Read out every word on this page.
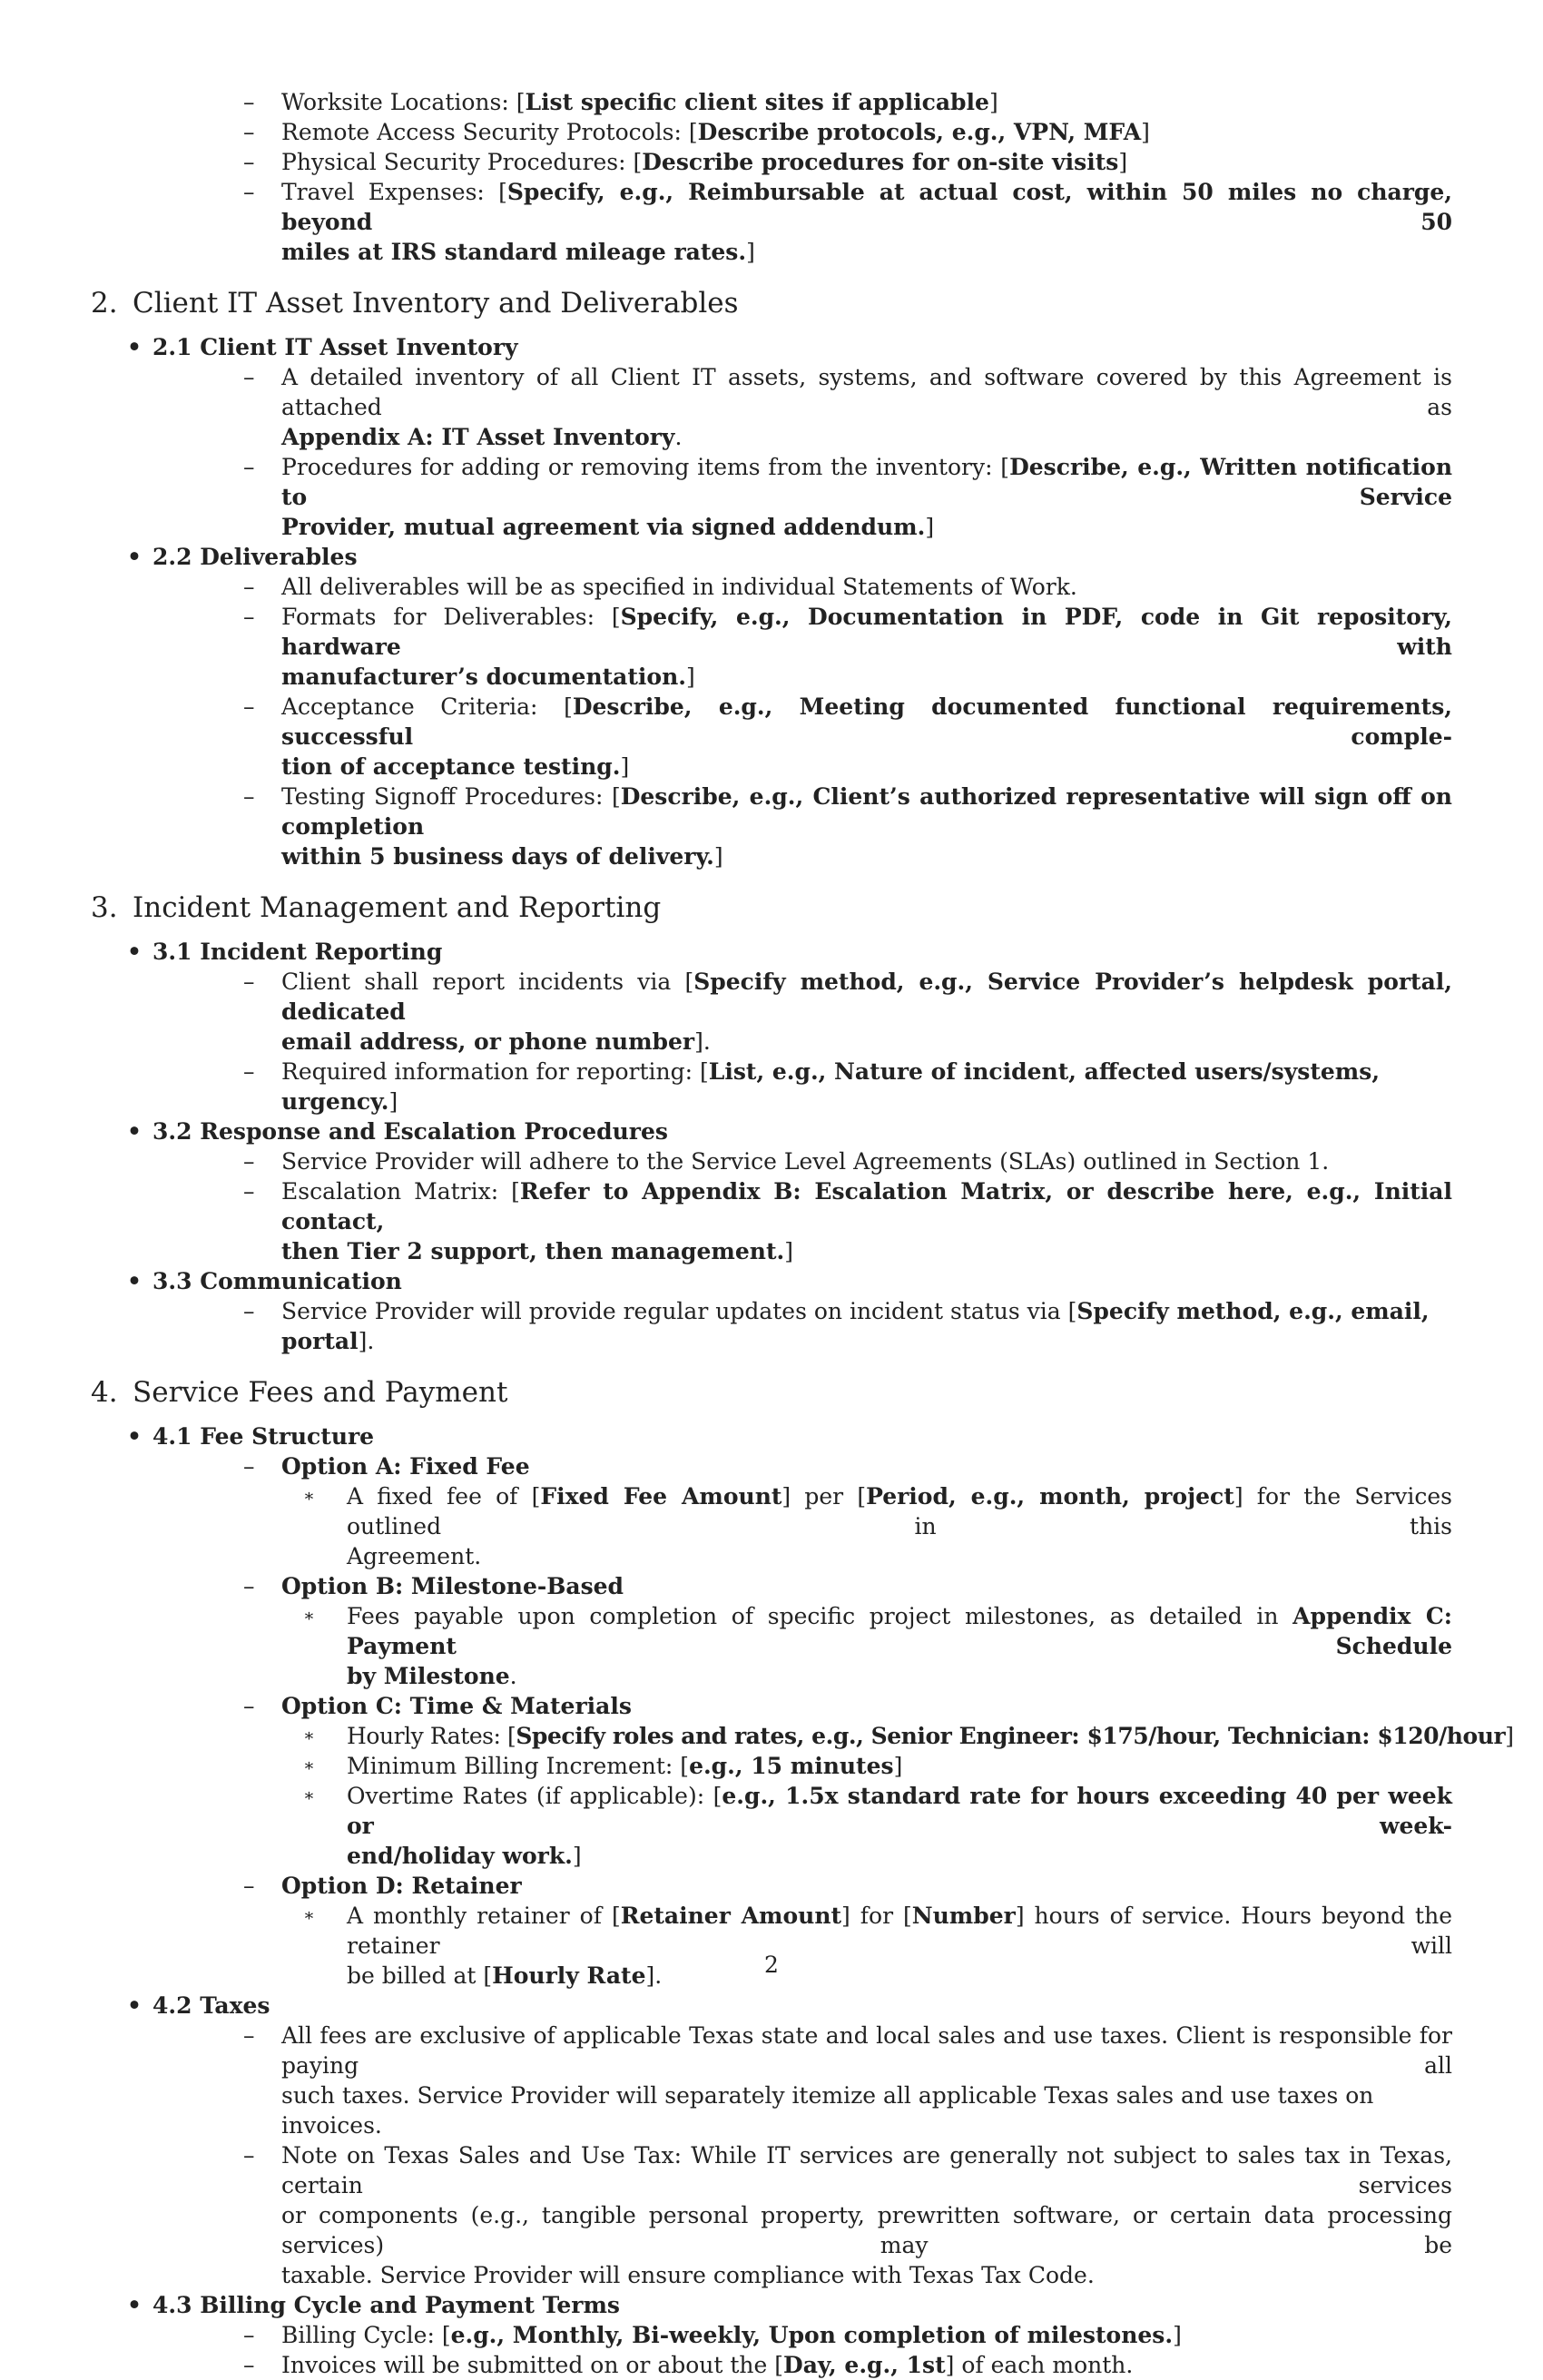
– Worksite Locations: [List specific client sites if applicable]
– Remote Access Security Protocols: [Describe protocols, e.g., VPN, MFA]
– Physical Security Procedures: [Describe procedures for on-site visits]
– Travel Expenses: [Specify, e.g., Reimbursable at actual cost, within 50 miles no charge, beyond 50
miles at IRS standard mileage rates.]
2. Client IT Asset Inventory and Deliverables
• 2.1 Client IT Asset Inventory
– A detailed inventory of all Client IT assets, systems, and software covered by this Agreement is attached as
Appendix A: IT Asset Inventory.
– Procedures for adding or removing items from the inventory: [Describe, e.g., Written notification to Service
Provider, mutual agreement via signed addendum.]
• 2.2 Deliverables
– All deliverables will be as specified in individual Statements of Work.
– Formats for Deliverables: [Specify, e.g., Documentation in PDF, code in Git repository, hardware with
manufacturer’s documentation.]
– Acceptance Criteria: [Describe, e.g., Meeting documented functional requirements, successful comple-
tion of acceptance testing.]
– Testing Signoff Procedures: [Describe, e.g., Client’s authorized representative will sign off on completion
within 5 business days of delivery.]
3. Incident Management and Reporting
• 3.1 Incident Reporting
– Client shall report incidents via [Specify method, e.g., Service Provider’s helpdesk portal, dedicated
email address, or phone number].
– Required information for reporting: [List, e.g., Nature of incident, affected users/systems, urgency.]
• 3.2 Response and Escalation Procedures
– Service Provider will adhere to the Service Level Agreements (SLAs) outlined in Section 1.
– Escalation Matrix: [Refer to Appendix B: Escalation Matrix, or describe here, e.g., Initial contact,
then Tier 2 support, then management.]
• 3.3 Communication
– Service Provider will provide regular updates on incident status via [Specify method, e.g., email, portal].
4. Service Fees and Payment
• 4.1 Fee Structure
– Option A: Fixed Fee
∗ A fixed fee of [Fixed Fee Amount] per [Period, e.g., month, project] for the Services outlined in this
Agreement.
– Option B: Milestone-Based
∗ Fees payable upon completion of specific project milestones, as detailed in Appendix C: Payment Schedule
by Milestone.
– Option C: Time & Materials
∗ Hourly Rates: [Specify roles and rates, e.g., Senior Engineer: $175/hour, Technician: $120/hour]
∗ Minimum Billing Increment: [e.g., 15 minutes]
∗ Overtime Rates (if applicable): [e.g., 1.5x standard rate for hours exceeding 40 per week or week-
end/holiday work.]
– Option D: Retainer
∗ A monthly retainer of [Retainer Amount] for [Number] hours of service. Hours beyond the retainer will
be billed at [Hourly Rate].
• 4.2 Taxes
– All fees are exclusive of applicable Texas state and local sales and use taxes. Client is responsible for paying all
such taxes. Service Provider will separately itemize all applicable Texas sales and use taxes on invoices.
– Note on Texas Sales and Use Tax: While IT services are generally not subject to sales tax in Texas, certain services
or components (e.g., tangible personal property, prewritten software, or certain data processing services) may be
taxable. Service Provider will ensure compliance with Texas Tax Code.
• 4.3 Billing Cycle and Payment Terms
– Billing Cycle: [e.g., Monthly, Bi-weekly, Upon completion of milestones.]
– Invoices will be submitted on or about the [Day, e.g., 1st] of each month.
2
